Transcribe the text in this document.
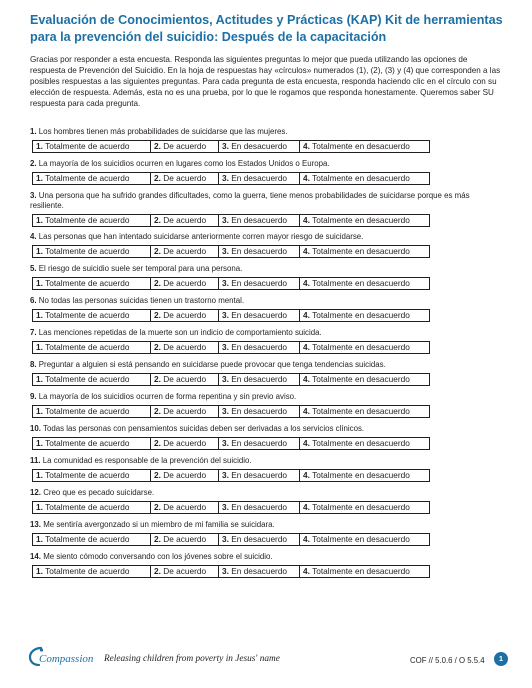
Evaluación de Conocimientos, Actitudes y Prácticas (KAP) Kit de herramientas para la prevención del suicidio: Después de la capacitación

Gracias por responder a esta encuesta. Responda las siguientes preguntas lo mejor que pueda utilizando las opciones de respuesta de Prevención del Suicidio. En la hoja de respuestas hay «círculos» numerados (1), (2), (3) y (4) que corresponden a las posibles respuestas a las siguientes preguntas. Para cada pregunta de esta encuesta, responda haciendo clic en el círculo con su elección de respuesta. Además, esta no es una prueba, por lo que le rogamos que responda honestamente. Queremos saber SU respuesta para cada pregunta.

1. Los hombres tienen más probabilidades de suicidarse que las mujeres.

1. Totalmente de acuerdo	2. De acuerdo	3. En desacuerdo	4. Totalmente en desacuerdo

2. La mayoría de los suicidios ocurren en lugares como los Estados Unidos o Europa.

1. Totalmente de acuerdo	2. De acuerdo	3. En desacuerdo	4. Totalmente en desacuerdo

3. Una persona que ha sufrido grandes dificultades, como la guerra, tiene menos probabilidades de suicidarse porque es más resiliente.

1. Totalmente de acuerdo	2. De acuerdo	3. En desacuerdo	4. Totalmente en desacuerdo

4. Las personas que han intentado suicidarse anteriormente corren mayor riesgo de suicidarse.

1. Totalmente de acuerdo	2. De acuerdo	3. En desacuerdo	4. Totalmente en desacuerdo

5. El riesgo de suicidio suele ser temporal para una persona.

1. Totalmente de acuerdo	2. De acuerdo	3. En desacuerdo	4. Totalmente en desacuerdo

6. No todas las personas suicidas tienen un trastorno mental.

1. Totalmente de acuerdo	2. De acuerdo	3. En desacuerdo	4. Totalmente en desacuerdo

7. Las menciones repetidas de la muerte son un indicio de comportamiento suicida.

1. Totalmente de acuerdo	2. De acuerdo	3. En desacuerdo	4. Totalmente en desacuerdo

8. Preguntar a alguien si está pensando en suicidarse puede provocar que tenga tendencias suicidas.

1. Totalmente de acuerdo	2. De acuerdo	3. En desacuerdo	4. Totalmente en desacuerdo

9. La mayoría de los suicidios ocurren de forma repentina y sin previo aviso.

1. Totalmente de acuerdo	2. De acuerdo	3. En desacuerdo	4. Totalmente en desacuerdo

10. Todas las personas con pensamientos suicidas deben ser derivadas a los servicios clínicos.

1. Totalmente de acuerdo	2. De acuerdo	3. En desacuerdo	4. Totalmente en desacuerdo

11. La comunidad es responsable de la prevención del suicidio.

1. Totalmente de acuerdo	2. De acuerdo	3. En desacuerdo	4. Totalmente en desacuerdo

12. Creo que es pecado suicidarse.

1. Totalmente de acuerdo	2. De acuerdo	3. En desacuerdo	4. Totalmente en desacuerdo

13. Me sentiría avergonzado si un miembro de mi familia se suicidara.

1. Totalmente de acuerdo	2. De acuerdo	3. En desacuerdo	4. Totalmente en desacuerdo

14. Me siento cómodo conversando con los jóvenes sobre el suicidio.

1. Totalmente de acuerdo	2. De acuerdo	3. En desacuerdo	4. Totalmente en desacuerdo
Compassion Releasing children from poverty in Jesus' name	COF // 5.0.6 / O 5.5.4	1
